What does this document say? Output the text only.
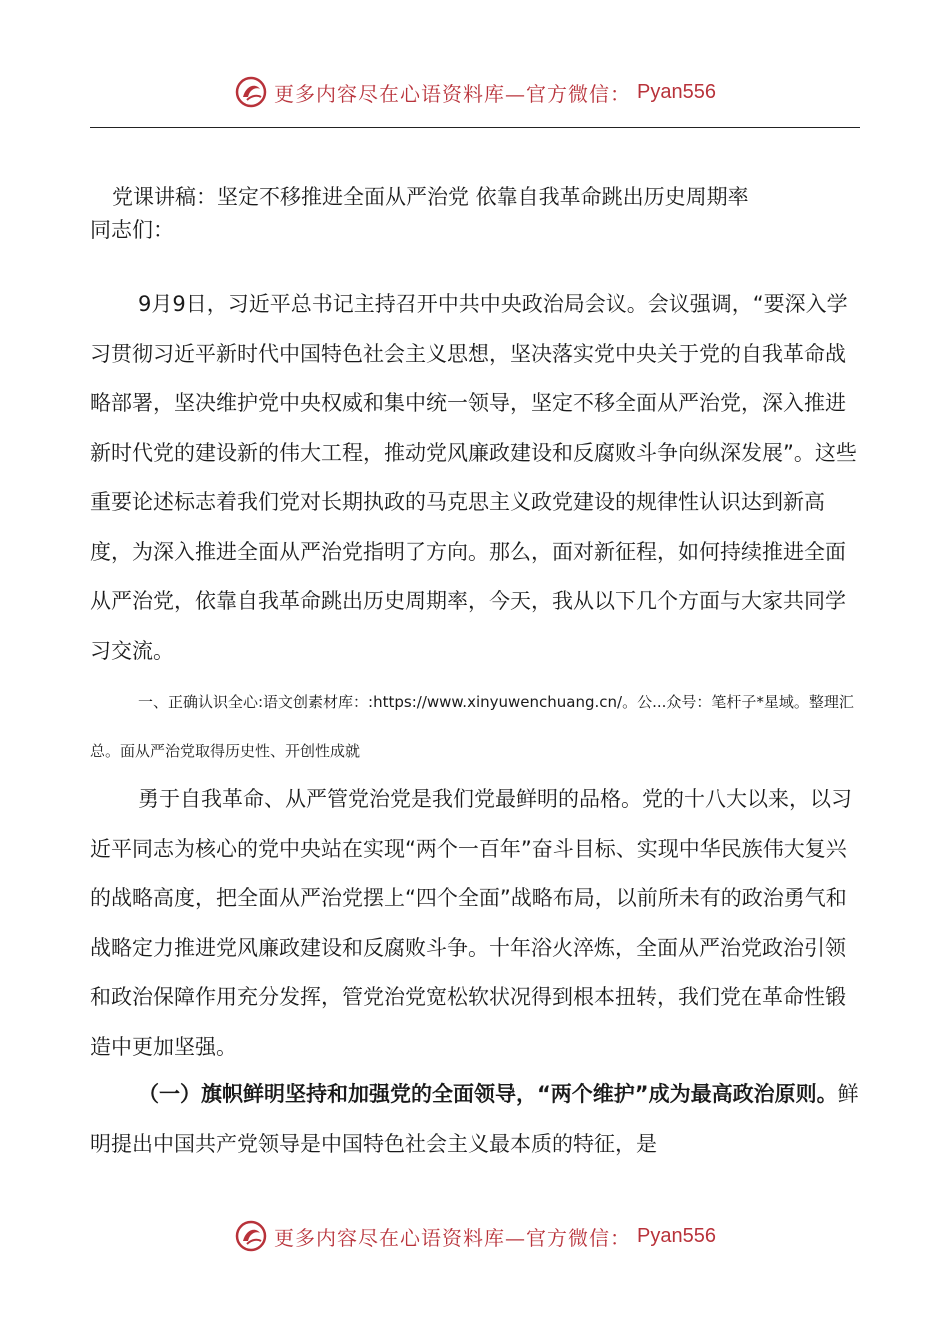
更多内容尽在心语资料库—官方微信： Pyan556
党课讲稿：坚定不移推进全面从严治党 依靠自我革命跳出历史周期率
同志们：
9月9日，习近平总书记主持召开中共中央政治局会议。会议强调，“要深入学习贯彻习近平新时代中国特色社会主义思想，坚决落实党中央关于党的自我革命战略部署，坚决维护党中央权威和集中统一领导，坚定不移全面从严治党，深入推进新时代党的建设新的伟大工程，推动党风廉政建设和反腐败斗争向纵深发展”。这些重要论述标志着我们党对长期执政的马克思主义政党建设的规律性认识达到新高度，为深入推进全面从严治党指明了方向。那么，面对新征程，如何持续推进全面从严治党，依靠自我革命跳出历史周期率，今天，我从以下几个方面与大家共同学习交流。
一、正确认识全心:语文创素材库：:https://www.xinyuwenchuang.cn/。公...众号：笔杆子*星域。整理汇总。面从严治党取得历史性、开创性成就
勇于自我革命、从严管党治党是我们党最鲜明的品格。党的十八大以来，以习近平同志为核心的党中央站在实现“两个一百年”奋斗目标、实现中华民族伟大复兴的战略高度，把全面从严治党摆上“四个全面”战略布局，以前所未有的政治勇气和战略定力推进党风廉政建设和反腐败斗争。十年浴火淬炼，全面从严治党政治引领和政治保障作用充分发挥，管党治党宽松软状况得到根本扭转，我们党在革命性锻造中更加坚强。
（一）旗帜鲜明坚持和加强党的全面领导，“两个维护”成为最高政治原则。鲜明提出中国共产党领导是中国特色社会主义最本质的特征，是
更多内容尽在心语资料库—官方微信： Pyan556
